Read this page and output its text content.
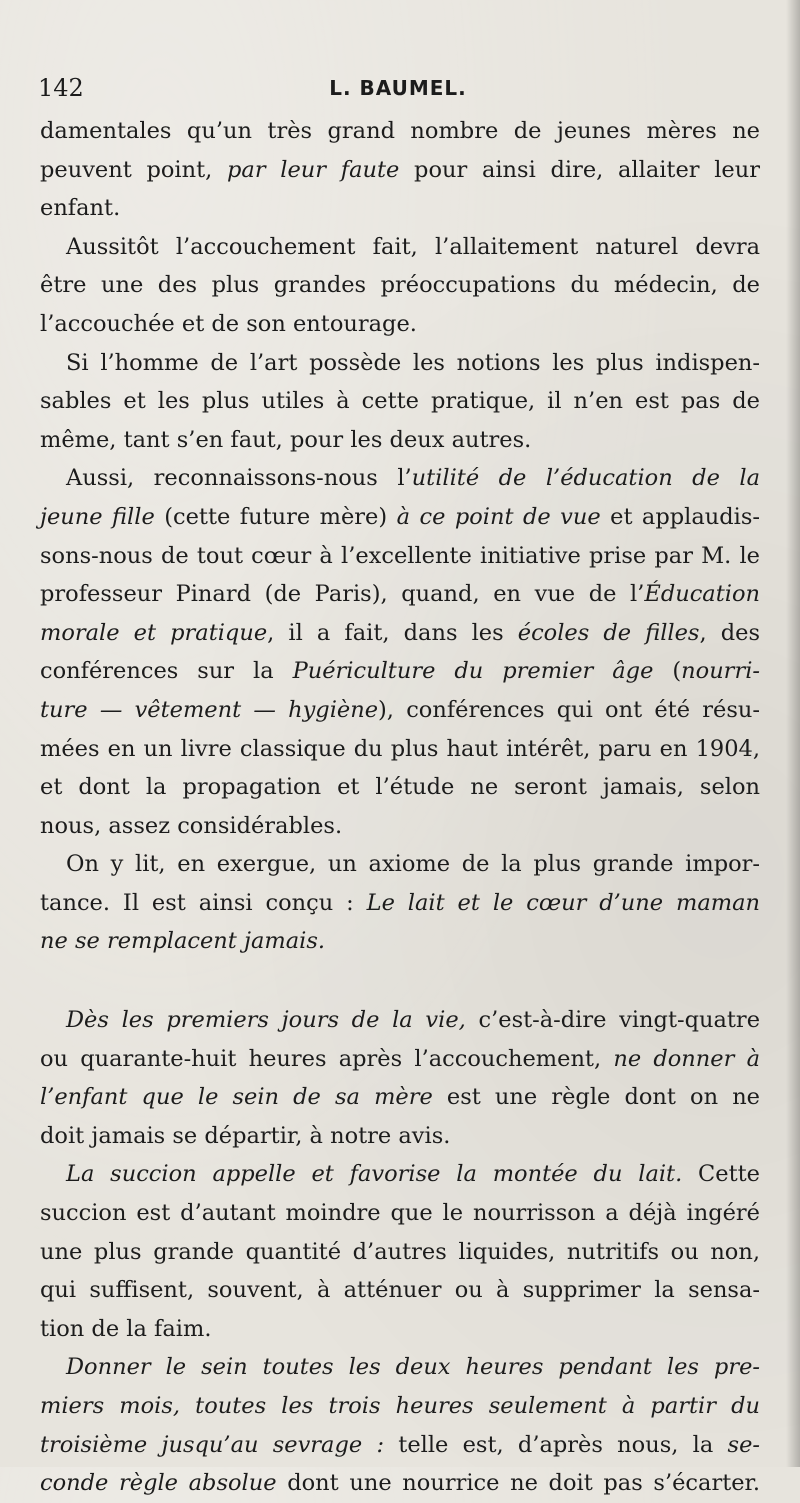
142	L. BAUMEL.
damentales qu’un très grand nombre de jeunes mères ne
peuvent point, par leur faute pour ainsi dire, allaiter leur
enfant.
Aussitôt l’accouchement fait, l’allaitement naturel devra
être une des plus grandes préoccupations du médecin, de
l’accouchée et de son entourage.
Si l’homme de l’art possède les notions les plus indispen-
sables et les plus utiles à cette pratique, il n’en est pas de
même, tant s’en faut, pour les deux autres.
Aussi, reconnaissons-nous l’utilité de l’éducation de la
jeune fille (cette future mère) à ce point de vue et applaudis-
sons-nous de tout cœur à l’excellente initiative prise par M. le
professeur Pinard (de Paris), quand, en vue de l’Éducation
morale et pratique, il a fait, dans les écoles de filles, des
conférences sur la Puériculture du premier âge (nourri-
ture — vêtement — hygiène), conférences qui ont été résu-
mées en un livre classique du plus haut intérêt, paru en 1904,
et dont la propagation et l’étude ne seront jamais, selon
nous, assez considérables.
On y lit, en exergue, un axiome de la plus grande impor-
tance. Il est ainsi conçu : Le lait et le cœur d’une maman
ne se remplacent jamais.
Dès les premiers jours de la vie, c’est-à-dire vingt-quatre
ou quarante-huit heures après l’accouchement, ne donner à
l’enfant que le sein de sa mère est une règle dont on ne
doit jamais se départir, à notre avis.
La succion appelle et favorise la montée du lait. Cette
succion est d’autant moindre que le nourrisson a déjà ingéré
une plus grande quantité d’autres liquides, nutritifs ou non,
qui suffisent, souvent, à atténuer ou à supprimer la sensa-
tion de la faim.
Donner le sein toutes les deux heures pendant les pre-
miers mois, toutes les trois heures seulement à partir du
troisième jusqu’au sevrage : telle est, d’après nous, la se-
conde règle absolue dont une nourrice ne doit pas s’écarter.
